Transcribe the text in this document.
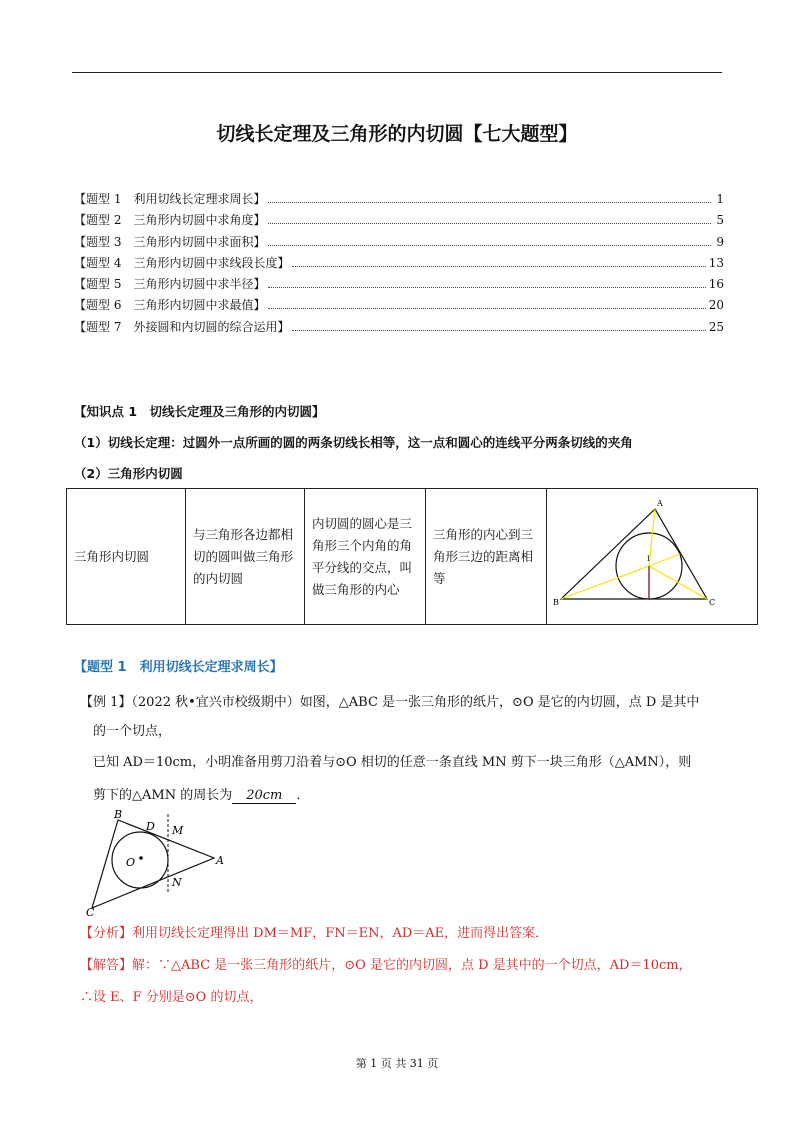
切线长定理及三角形的内切圆【七大题型】
【题型 1　利用切线长定理求周长】	1
【题型 2　三角形内切圆中求角度】	5
【题型 3　三角形内切圆中求面积】	9
【题型 4　三角形内切圆中求线段长度】	13
【题型 5　三角形内切圆中求半径】	16
【题型 6　三角形内切圆中求最值】	20
【题型 7　外接圆和内切圆的综合运用】	25
【知识点 1　切线长定理及三角形的内切圆】
（1）切线长定理：过圆外一点所画的圆的两条切线长相等，这一点和圆心的连线平分两条切线的夹角
（2）三角形内切圆
三角形内切圆	与三角形各边都相切的圆叫做三角形的内切圆	内切圆的圆心是三角形三个内角的角平分线的交点，叫做三角形的内心	三角形的内心到三角形三边的距离相等	
A
B	C
I
【题型 1　利用切线长定理求周长】
【例 1】（2022 秋•宜兴市校级期中）如图，△ABC 是一张三角形的纸片，⊙O 是它的内切圆，点 D 是其中
的一个切点，
已知 AD＝10cm，小明准备用剪刀沿着与⊙O 相切的任意一条直线 MN 剪下一块三角形（△AMN），则
剪下的△AMN 的周长为 20cm ．
B
D M
O	A
N
C
【分析】利用切线长定理得出 DM＝MF，FN＝EN，AD＝AE，进而得出答案．
【解答】解：∵△ABC 是一张三角形的纸片，⊙O 是它的内切圆，点 D 是其中的一个切点，AD＝10cm，
∴设 E、F 分别是⊙O 的切点，
第 1 页 共 31 页
